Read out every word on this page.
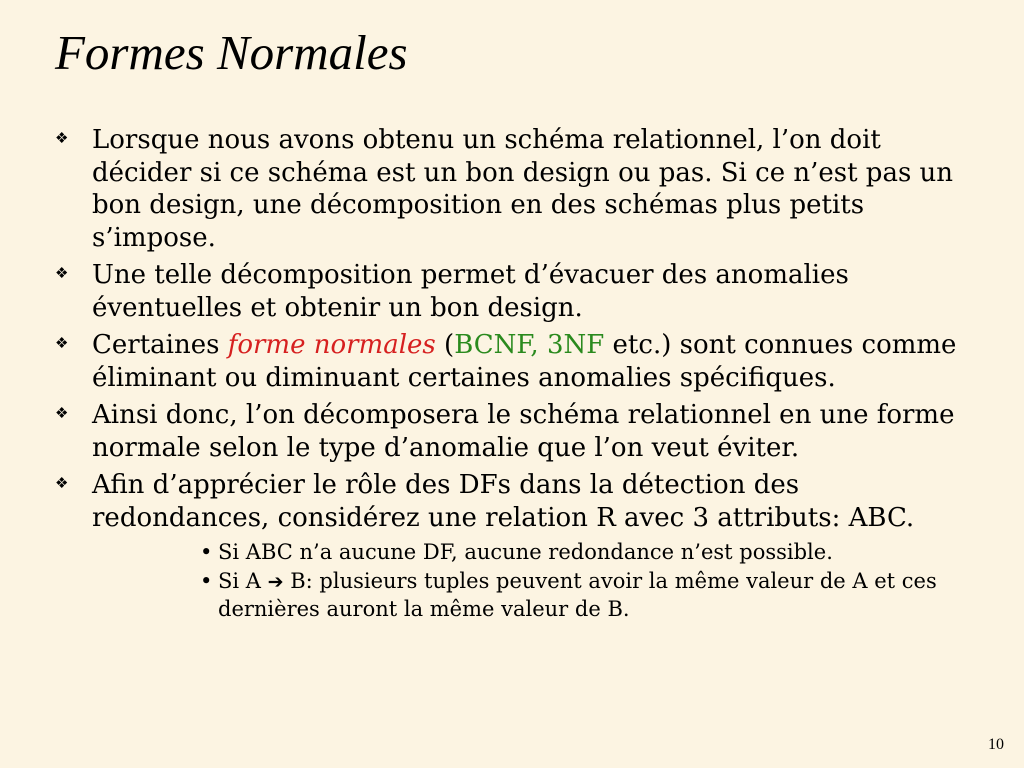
Formes Normales
❖ Lorsque nous avons obtenu un schéma relationnel, l’on doit décider si ce schéma est un bon design ou pas. Si ce n’est pas un bon design, une décomposition en des schémas plus petits s’impose.
❖ Une telle décomposition permet d’évacuer des anomalies éventuelles et obtenir un bon design.
❖ Certaines forme normales (BCNF, 3NF etc.) sont connues comme éliminant ou diminuant certaines anomalies spécifiques.
❖ Ainsi donc, l’on décomposera le schéma relationnel en une forme normale selon le type d’anomalie que l’on veut éviter.
❖ Afin d’apprécier le rôle des DFs dans la détection des redondances, considérez une relation R avec 3 attributs: ABC.
• Si ABC n’a aucune DF, aucune redondance n’est possible.
• Si A ➔ B: plusieurs tuples peuvent avoir la même valeur de A et ces dernières auront la même valeur de B.
10
